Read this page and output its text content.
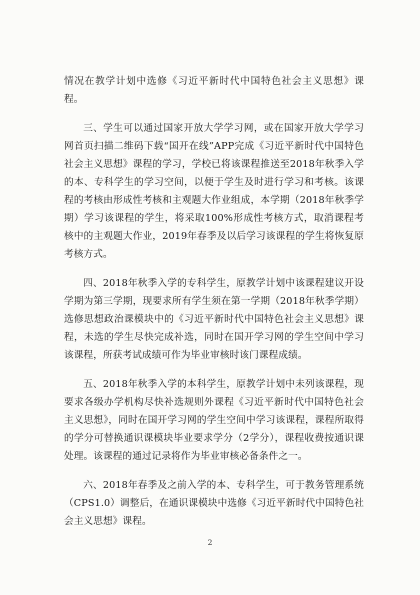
情况在教学计划中选修《习近平新时代中国特色社会主义思想》课程。

三、学生可以通过国家开放大学学习网，或在国家开放大学学习网首页扫描二维码下载“国开在线”APP完成《习近平新时代中国特色社会主义思想》课程的学习，学校已将该课程推送至2018年秋季入学的本、专科学生的学习空间，以便于学生及时进行学习和考核。该课程的考核由形成性考核和主观题大作业组成，本学期（2018年秋季学期）学习该课程的学生，将采取100%形成性考核方式，取消课程考核中的主观题大作业，2019年春季及以后学习该课程的学生将恢复原考核方式。

四、2018年秋季入学的专科学生，原教学计划中该课程建议开设学期为第三学期，现要求所有学生须在第一学期（2018年秋季学期）选修思想政治课模块中的《习近平新时代中国特色社会主义思想》课程，未选的学生尽快完成补选，同时在国开学习网的学生空间中学习该课程，所获考试成绩可作为毕业审核时该门课程成绩。

五、2018年秋季入学的本科学生，原教学计划中未列该课程，现要求各级办学机构尽快补选规则外课程《习近平新时代中国特色社会主义思想》，同时在国开学习网的学生空间中学习该课程，课程所取得的学分可替换通识课模块毕业要求学分（2学分），课程收费按通识课处理。该课程的通过记录将作为毕业审核必备条件之一。

六、2018年春季及之前入学的本、专科学生，可于教务管理系统（CPS1.0）调整后，在通识课模块中选修《习近平新时代中国特色社会主义思想》课程。

2
